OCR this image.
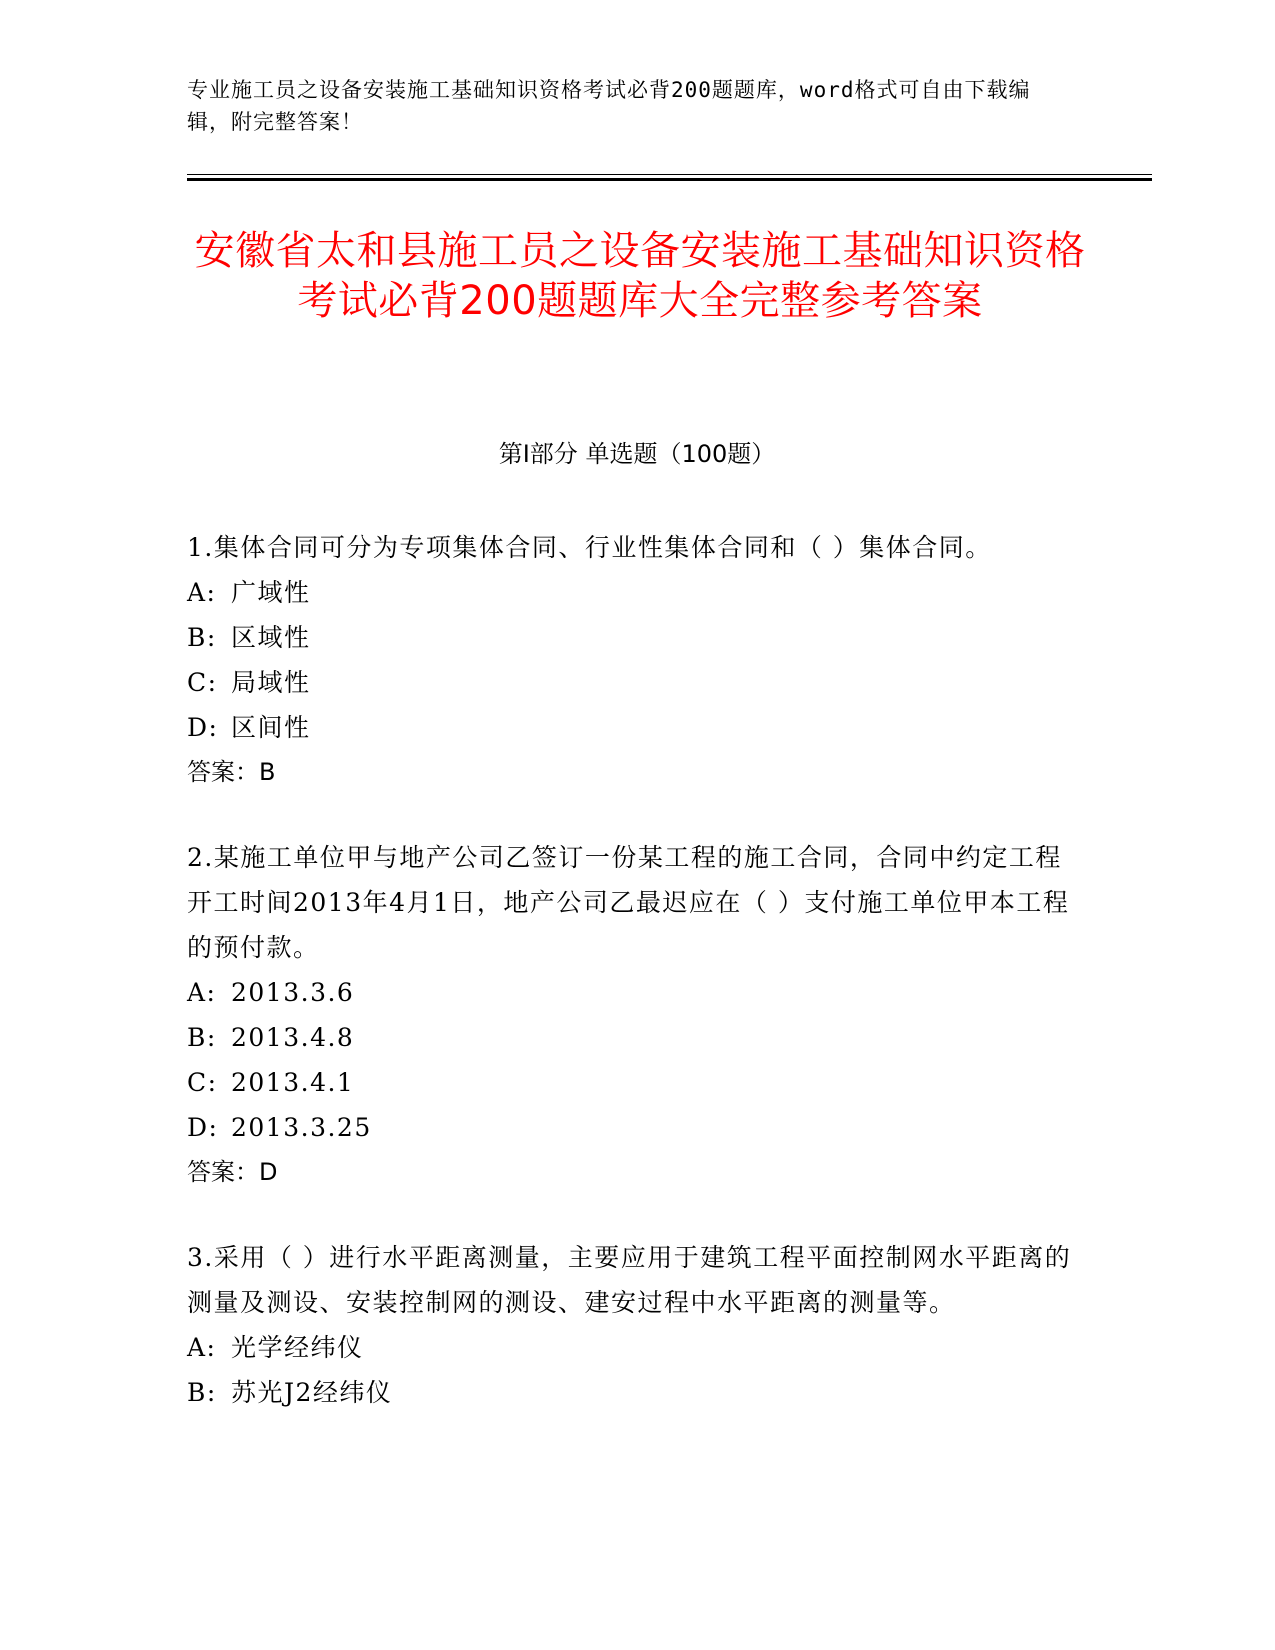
专业施工员之设备安装施工基础知识资格考试必背200题题库，word格式可自由下载编辑，附完整答案！
安徽省太和县施工员之设备安装施工基础知识资格考试必背200题题库大全完整参考答案
第Ⅰ部分 单选题（100题）

1.集体合同可分为专项集体合同、行业性集体合同和（ ）集体合同。

A: 广域性

B: 区域性

C: 局域性

D: 区间性

答案：B

2.某施工单位甲与地产公司乙签订一份某工程的施工合同，合同中约定工程开工时间2013年4月1日，地产公司乙最迟应在（ ）支付施工单位甲本工程的预付款。

A: 2013.3.6

B: 2013.4.8

C: 2013.4.1

D: 2013.3.25

答案：D

3.采用（ ）进行水平距离测量，主要应用于建筑工程平面控制网水平距离的测量及测设、安装控制网的测设、建安过程中水平距离的测量等。

A: 光学经纬仪

B: 苏光J2经纬仪
